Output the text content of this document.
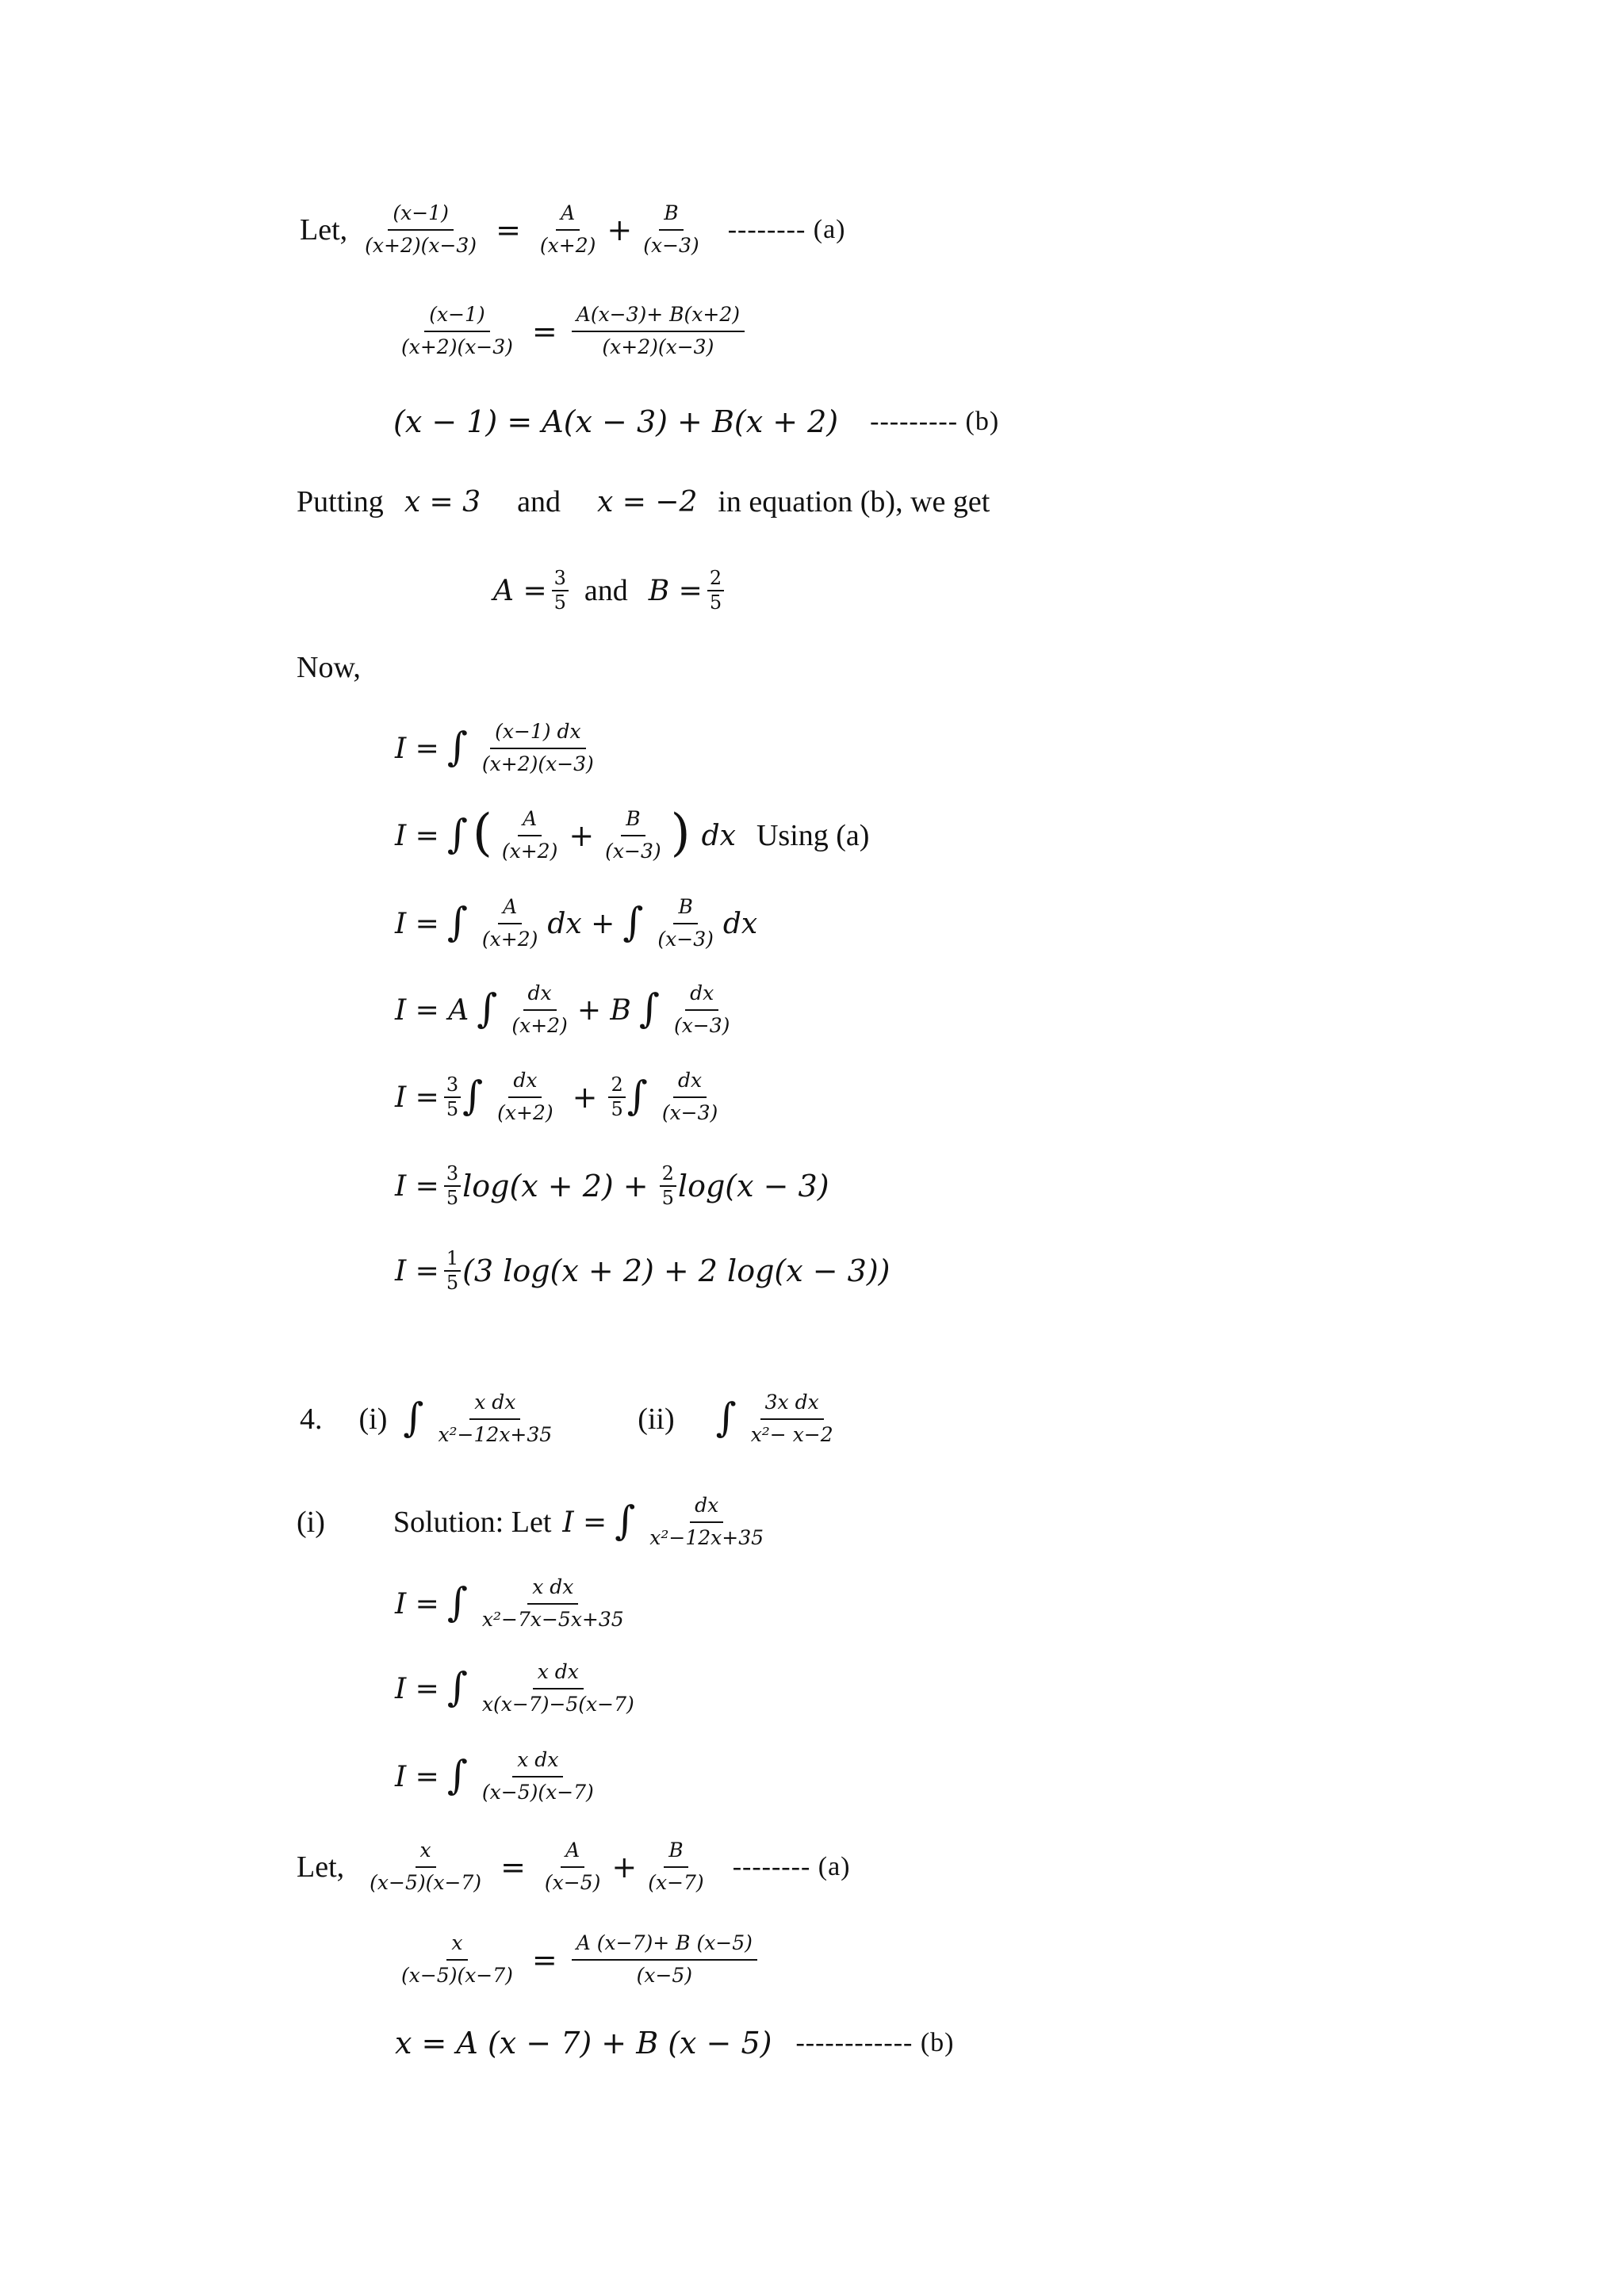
Let, $\frac{(x-1)}{(x+2)(x-3)} = \frac{A}{(x+2)} + \frac{B}{(x-3)}$ -------- (a)
$\frac{(x-1)}{(x+2)(x-3)} = \frac{A(x-3)+ B(x+2)}{(x+2)(x-3)}$
(x − 1) = A(x − 3) + B(x + 2) --------- (b)
Putting x = 3 and x = −2 in equation (b), we get
$A = \frac{3}{5}$ and $B = \frac{2}{5}$
Now,
I = ∫ $\frac{(x-1) dx}{(x+2)(x-3)}$
I = ∫ ( $\frac{A}{(x+2)} + \frac{B}{(x-3)}$ ) dx Using (a)
I = ∫ $\frac{A}{(x+2)}$ dx + ∫ $\frac{B}{(x-3)}$ dx
I = A ∫ $\frac{dx}{(x+2)} + B$ ∫ $\frac{dx}{(x-3)}$
$I = \frac{3}{5}$ ∫ $\frac{dx}{(x+2)} + \frac{2}{5}$ ∫ $\frac{dx}{(x-3)}$
$I = \frac{3}{5} \log(x + 2) + \frac{2}{5} \log(x - 3)$
$I = \frac{1}{5} (3$ log(x + 2) + 2 log(x − 3))
4. (i) ∫ $\frac{\text{x dx}}{\text{x²−12x+35}}$	(ii) ∫ $\frac{\text{3x dx}}{\text{x²− x−2}}$
(i) Solution: Let I = ∫ $\frac{dx}{\text{x²−12x+35}}$
I = ∫ $\frac{\text{x dx}}{\text{x²−7x−5x+35}}$
I = ∫ $\frac{\text{x dx}}{x(x-7)-5(x-7)}$
I = ∫ $\frac{\text{x dx}}{(x-5)(x-7)}$
Let, $\frac{x}{(x-5)(x-7)} = \frac{A}{(x-5)} + \frac{B}{(x-7)}$ -------- (a)
$\frac{x}{(x-5)(x-7)} = \frac{A (x-7)+ B (x-5)}{(x-5)}$
x = A (x − 7) + B (x − 5) ------------ (b)
